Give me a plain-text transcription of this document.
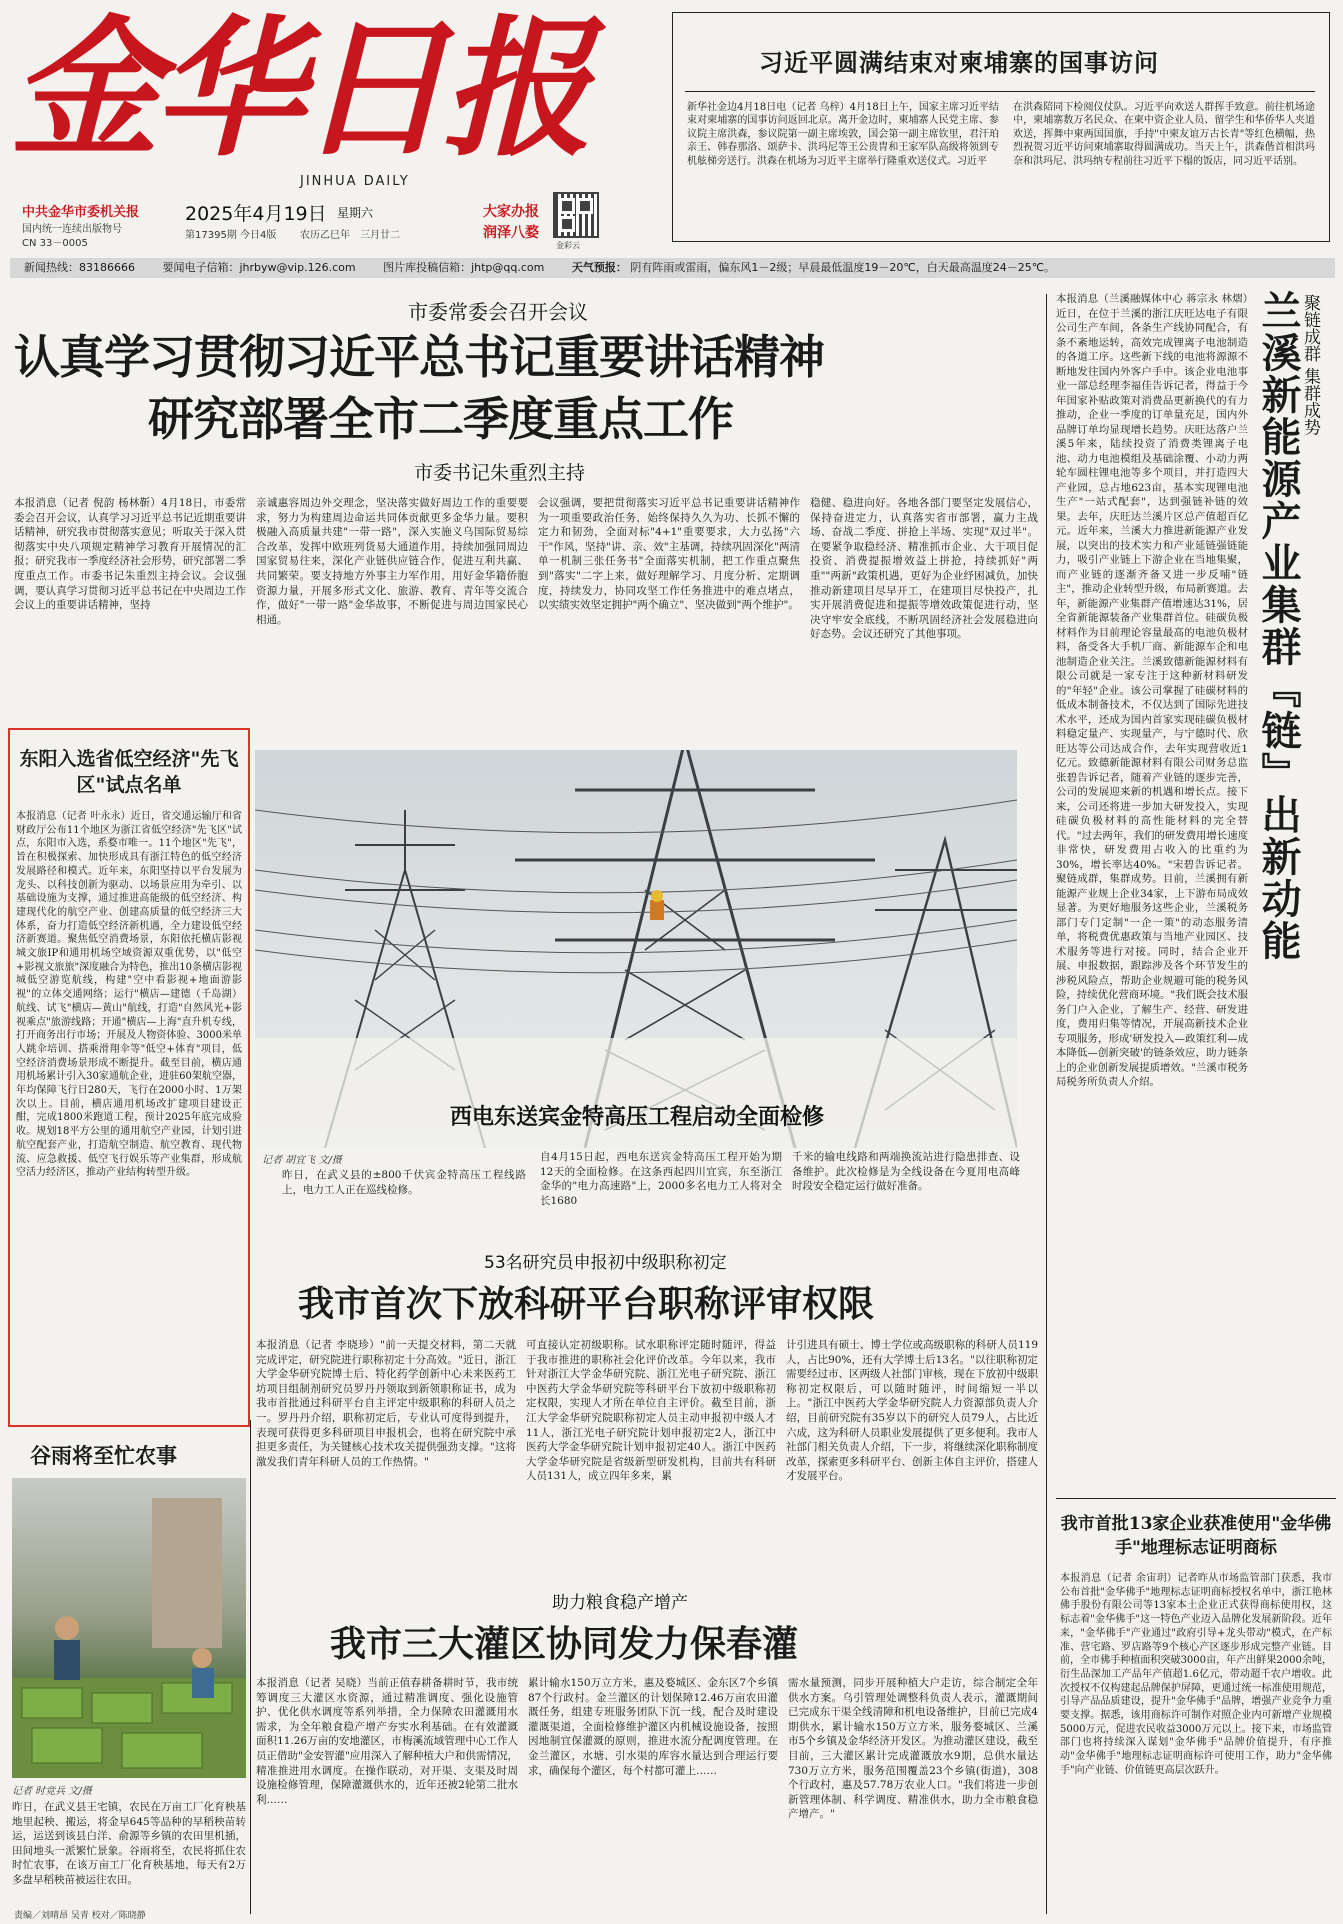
金华日报
JINHUA DAILY
中共金华市委机关报
国内统一连续出版物号
CN 33－0005
2025年4月19日 星期六
第17395期 今日4版 农历乙巳年　三月廿二
大家办报
润泽八婺
金彩云
习近平圆满结束对柬埔寨的国事访问
新华社金边4月18日电（记者 乌梓）4月18日上午，国家主席习近平结束对柬埔寨的国事访问返回北京。离开金边时，柬埔寨人民党主席、参议院主席洪森，参议院第一副主席埃敦，国会第一副主席钦里，君汗珀亲王、韩春那洛、颂萨卡、洪玛尼等王公贵胄和王家军队高级将领到专机舷梯旁送行。洪森在机场为习近平主席举行隆重欢送仪式。习近平
在洪森陪同下检阅仪仗队。习近平向欢送人群挥手致意。前往机场途中，柬埔寨数万名民众、在柬中资企业人员、留学生和华侨华人夹道欢送，挥舞中柬两国国旗，手持"中柬友谊万古长青"等红色横幅，热烈祝贺习近平访问柬埔寨取得圆满成功。当天上午，洪森偕首相洪玛奈和洪玛尼、洪玛纳专程前往习近平下榻的饭店，同习近平话别。
新闻热线：83186666	要闻电子信箱：jhrbyw@vip.126.com	图片库投稿信箱：jhtp@qq.com	天气预报： 阴有阵雨或雷雨，偏东风1－2级；早晨最低温度19－20℃，白天最高温度24－25℃。
市委常委会召开会议
认真学习贯彻习近平总书记重要讲话精神
研究部署全市二季度重点工作
市委书记朱重烈主持
本报消息（记者 倪韵 杨林靳）4月18日，市委常委会召开会议，认真学习习近平总书记近期重要讲话精神，研究我市贯彻落实意见；听取关于深入贯彻落实中央八项规定精神学习教育开展情况的汇报；研究我市一季度经济社会形势，研究部署二季度重点工作。市委书记朱重烈主持会议。会议强调，要认真学习贯彻习近平总书记在中央周边工作会议上的重要讲话精神，坚持
亲诚惠容周边外交理念，坚决落实做好周边工作的重要要求，努力为构建周边命运共同体贡献更多金华力量。要积极融入高质量共建"一带一路"，深入实施义乌国际贸易综合改革，发挥中欧班列货易大通道作用，持续加强同周边国家贸易往来，深化产业链供应链合作，促进互利共赢、共同繁荣。要支持地方外事主力军作用，用好金华籍侨胞资源力量，开展多形式文化、旅游、教育、青年等交流合作，做好"一带一路"金华故事，不断促进与周边国家民心相通。
会议强调，要把贯彻落实习近平总书记重要讲话精神作为一项重要政治任务，始终保持久久为功、长抓不懈的定力和韧劲，全面对标"4+1"重要要求，大力弘扬"六干"作风，坚持"讲、亲、效"主基调，持续巩固深化"两清单一机制三张任务书"全面落实机制，把工作重点聚焦到"落实"二字上来，做好理解学习、月度分析、定期调度，持续发力，协同攻坚工作任务推进中的难点堵点，以实绩实效坚定拥护"两个确立"、坚决做到"两个维护"。
稳健、稳进向好。各地各部门要坚定发展信心，保持奋进定力，认真落实省市部署，赢力主战场、奋战二季度、拼抢上半场、实现"双过半"。在要紧争取稳经济、精准抓市企业、大干项目促投资、消费提振增效益上拼抢，持续抓好"两重""两新"政策机遇，更好为企业纾困减负，加快推动新建项目尽早开工，在建项目尽快投产，扎实开展消费促进和提振等增效政策促进行动，坚决守牢安全底线，不断巩固经济社会发展稳进向好态势。会议还研究了其他事项。
东阳入选省低空经济"先飞区"试点名单
本报消息（记者 叶永永）近日，省交通运输厅和省财政厅公布11个地区为浙江省低空经济"先飞区"试点，东阳市入选，系婺市唯一。11个地区"先飞"，旨在积极探索、加快形成具有浙江特色的低空经济发展路径和模式。近年来，东阳坚持以平台发展为龙头、以科技创新为驱动、以场景应用为牵引、以基础设施为支撑，通过推进高能级的低空经济、构建现代化的航空产业、创建高质量的低空经济三大体系，奋力打造低空经济新机遇，全力建设低空经济新赛道。聚焦低空消费场景，东阳依托横店影视城文旅IP和通用机场空域资源双重优势，以"低空+影视文旅旅"深度融合为特色，推出10条横店影视城低空游览航线，构建"空中看影视+地面游影视"的立体交通网络；运行"横店—建德（千岛湖）航线、试飞"横店—黄山"航线，打造"自然风光+影视乘点"旅游线路；开通"横店—上海"直升机专线，打开商务出行市场；开展及人物资体验、3000米单人跳伞培训、搭乘滑翔伞等"低空+体育"项目，低空经济消费场景形成不断提升。截至目前，横店通用机场累计引入30家通航企业，进驻60架航空器，年均保障飞行日280天，飞行在2000小时、1万架次以上。目前，横店通用机场改扩建项目建设正酣，完成1800米跑道工程，预计2025年底完成验收。规划18平方公里的通用航空产业园，计划引进航空配套产业，打造航空制造、航空教育、现代物流、应急救援、低空飞行娱乐等产业集群，形成航空活力经济区，推动产业结构转型升级。
西电东送宾金特高压工程启动全面检修
记者 胡宜飞 文/摄
昨日，在武义县的±800千伏宾金特高压工程线路上，电力工人正在巡线检修。
自4月15日起，西电东送宾金特高压工程开始为期12天的全面检修。在这条西起四川宜宾，东至浙江金华的"电力高速路"上，2000多名电力工人将对全长1680
千米的输电线路和两端换流站进行隐患排查、设备维护。此次检修是为全线设备在今夏用电高峰时段安全稳定运行做好准备。
53名研究员申报初中级职称初定
我市首次下放科研平台职称评审权限
本报消息（记者 李晓珍）"前一天提交材料，第二天就完成评定，研究院进行职称初定十分高效。"近日，浙江大学金华研究院博士后、特化药学创新中心未来医药工坊项目组制剂研究员罗丹丹领取到新领职称证书，成为我市首批通过科研平台自主评定中级职称的科研人员之一。罗丹丹介绍，职称初定后，专业认可度得到提升，表现可获得更多科研项目申报机会，也将在研究院中承担更多责任，为关键核心技术攻关提供强劲支撑。"这将激发我们青年科研人员的工作热情。"
可直接认定初级职称。试水职称评定随时随评，得益于我市推进的职称社会化评价改革。今年以来，我市针对浙江大学金华研究院、浙江光电子研究院、浙江中医药大学金华研究院等科研平台下放初中级职称初定权限，实现人才所在单位自主评价。截至目前，浙江大学金华研究院职称初定人员主动申报初中级人才11人，浙江光电子研究院计划申报初定2人，浙江中医药大学金华研究院计划申报初定40人。浙江中医药大学金华研究院是省级新型研发机构，目前共有科研人员131人，成立四年多来，累
计引进具有硕士、博士学位或高级职称的科研人员119人，占比90%，还有大学博士后13名。"以往职称初定需要经过市、区两级人社部门审核，现在下放初中级职称初定权限后，可以随时随评，时间缩短一半以上。"浙江中医药大学金华研究院人力资源部负责人介绍，目前研究院有35岁以下的研究人员79人，占比近六成，这为科研人员职业发展提供了更多便利。我市人社部门相关负责人介绍，下一步，将继续深化职称制度改革，探索更多科研平台、创新主体自主评价，搭建人才发展平台。
谷雨将至忙农事
记者 时竞兵 文/摄
昨日，在武义县王宅镇，农民在万亩工厂化育秧基地里起秧、搬运，将金早645等品种的早稻秧苗转运，运送到该县白洋、俞源等乡镇的农田里机插，田间地头一派繁忙景象。谷雨将至，农民将抓住农时忙农事，在该万亩工厂化育秧基地，每天有2万多盘早稻秧苗被运往农田。
助力粮食稳产增产
我市三大灌区协同发力保春灌
本报消息（记者 吴晓）当前正值春耕备耕时节，我市统筹调度三大灌区水资源，通过精准调度、强化设施管护、优化供水调度等系列举措，全力保障农田灌溉用水需求，为全年粮食稳产增产夯实水利基础。在有效灌溉面积11.26万亩的安地灌区，市梅溪流域管理中心工作人员正借助"金安智灌"应用深入了解种植大户和供需情况，精准推进用水调度。在操作联动，对开渠、支渠及时周设施检修管理，保障灌溉供水的，近年还被2轮第二批水利……
累计输水150万立方米，惠及婺城区、金东区7个乡镇87个行政村。金兰灌区的计划保障12.46万亩农田灌溉任务，组建专班服务团队下沉一线，配合及时建设灌溉渠道，全面检修维护灌区内机械设施设备，按照因地制宜保灌溉的原则，推进水流分配调度管理。在金兰灌区，水塘、引水渠的库容水量达到合理运行要求，确保每个灌区，每个村都可灌上……
需水量预测，同步开展种植大户走访，综合制定全年供水方案。乌引管理处调整科负责人表示，灌溉期间已完成东干渠全线清障和机电设备维护，目前已完成4期供水，累计输水150万立方米，服务婺城区、兰溪市5个乡镇及金华经济开发区。为推动灌区建设，截至目前，三大灌区累计完成灌溉放水9期，总供水量达730万立方米，服务范围覆盖23个乡镇(街道)，308个行政村，惠及57.78万农业人口。"我们将进一步创新管理体制、科学调度、精准供水，助力全市粮食稳产增产。"
本报消息（兰溪融媒体中心 蒋宗永 林熠）近日，在位于兰溪的浙江庆旺达电子有限公司生产车间，各条生产线协同配合，有条不紊地运转，高效完成锂离子电池制造的各道工序。这些新下线的电池将源源不断地发往国内外客户手中。该企业电池事业一部总经理李福佳告诉记者，得益于今年国家补贴政策对消费品更新换代的有力推动，企业一季度的订单量充足，国内外品牌订单均显现增长趋势。庆旺达落户兰溪5年来，陆续投资了消费类锂离子电池、动力电池模组及基础涂覆、小动力两轮车圆柱锂电池等多个项目，并打造四大产业园，总占地623亩，基本实现锂电池生产"一站式配套"，达到强链补链的效果。去年，庆旺达兰溪片区总产值超百亿元。近年来，兰溪大力推进新能源产业发展，以突出的技术实力和产业延链强链能力，吸引产业链上下游企业在当地集聚，而产业链的逐渐齐备又进一步反哺"链主"，推动企业转型升级，布局新赛道。去年，新能源产业集群产值增速达31%，居全省新能源装备产业集群首位。硅碳负极材料作为目前理论容量最高的电池负极材料，备受各大手机厂商、新能源车企和电池制造企业关注。兰溪致德新能源材料有限公司就是一家专注于这种新材料研发的"年轻"企业。该公司掌握了硅碳材料的低成本制备技术，不仅达到了国际先进技术水平，还成为国内首家实现硅碳负极材料稳定量产、实现量产，与宁德时代、欣旺达等公司达成合作，去年实现营收近1亿元。致德新能源材料有限公司财务总监张碧告诉记者，随着产业链的逐步完善，公司的发展迎来新的机遇和增长点。接下来，公司还将进一步加大研发投入，实现硅碳负极材料的高性能材料的完全替代。"过去两年，我们的研发费用增长速度非常快，研发费用占收入的比重约为30%，增长率达40%。"宋碧告诉记者。聚链成群，集群成势。目前，兰溪拥有新能源产业规上企业34家，上下游布局成效显著。为更好地服务这些企业，兰溪税务部门专门定制"一企一策"的动态服务清单，将税费优惠政策与当地产业园区、技术服务等进行对接。同时，结合企业开展、申报数据，跟踪涉及各个环节发生的涉税风险点，帮助企业规避可能的税务风险，持续优化营商环境。"我们既会技术服务门户入企业，了解生产、经营、研发进度，费用归集等情况，开展高新技术企业专项服务，形成'研发投入—政策红利—成本降低—创新突破'的链条效应，助力链条上的企业创新发展提质增效。"兰溪市税务局税务所负责人介绍。
聚链成群 集群成势
兰溪新能源产业集群『链』出新动能
我市首批13家企业获准使用"金华佛手"地理标志证明商标
本报消息（记者 余宙玥）记者昨从市场监管部门获悉，我市公布首批"金华佛手"地理标志证明商标授权名单中，浙江艳林佛手股份有限公司等13家本土企业正式获得商标使用权，这标志着"金华佛手"这一特色产业迈入品牌化发展新阶段。近年来，"金华佛手"产业通过"政府引导+龙头带动"模式，在产标准、营宅路、罗店路等9个核心产区逐步形成完整产业链。目前，全市佛手种植面积突破3000亩，年产出鲜果2000余吨，衍生品深加工产品年产值超1.6亿元，带动超千农户增收。此次授权不仅构建起品牌保护屏障，更通过统一标准使用规范，引导产品品质建设，提升"金华佛手"品牌，增强产业竞争力重要支撑。据悉，该用商标许可制作对照企业内可新增产业规模5000万元，促进农民收益3000万元以上。接下来，市场监管部门也将持续深入谋划"金华佛手"品牌价值提升，有序推动"金华佛手"地理标志证明商标许可使用工作，助力"金华佛手"向产业链、价值链更高层次跃升。
责编／刘晴昂 吴青 校对／陈晓静
